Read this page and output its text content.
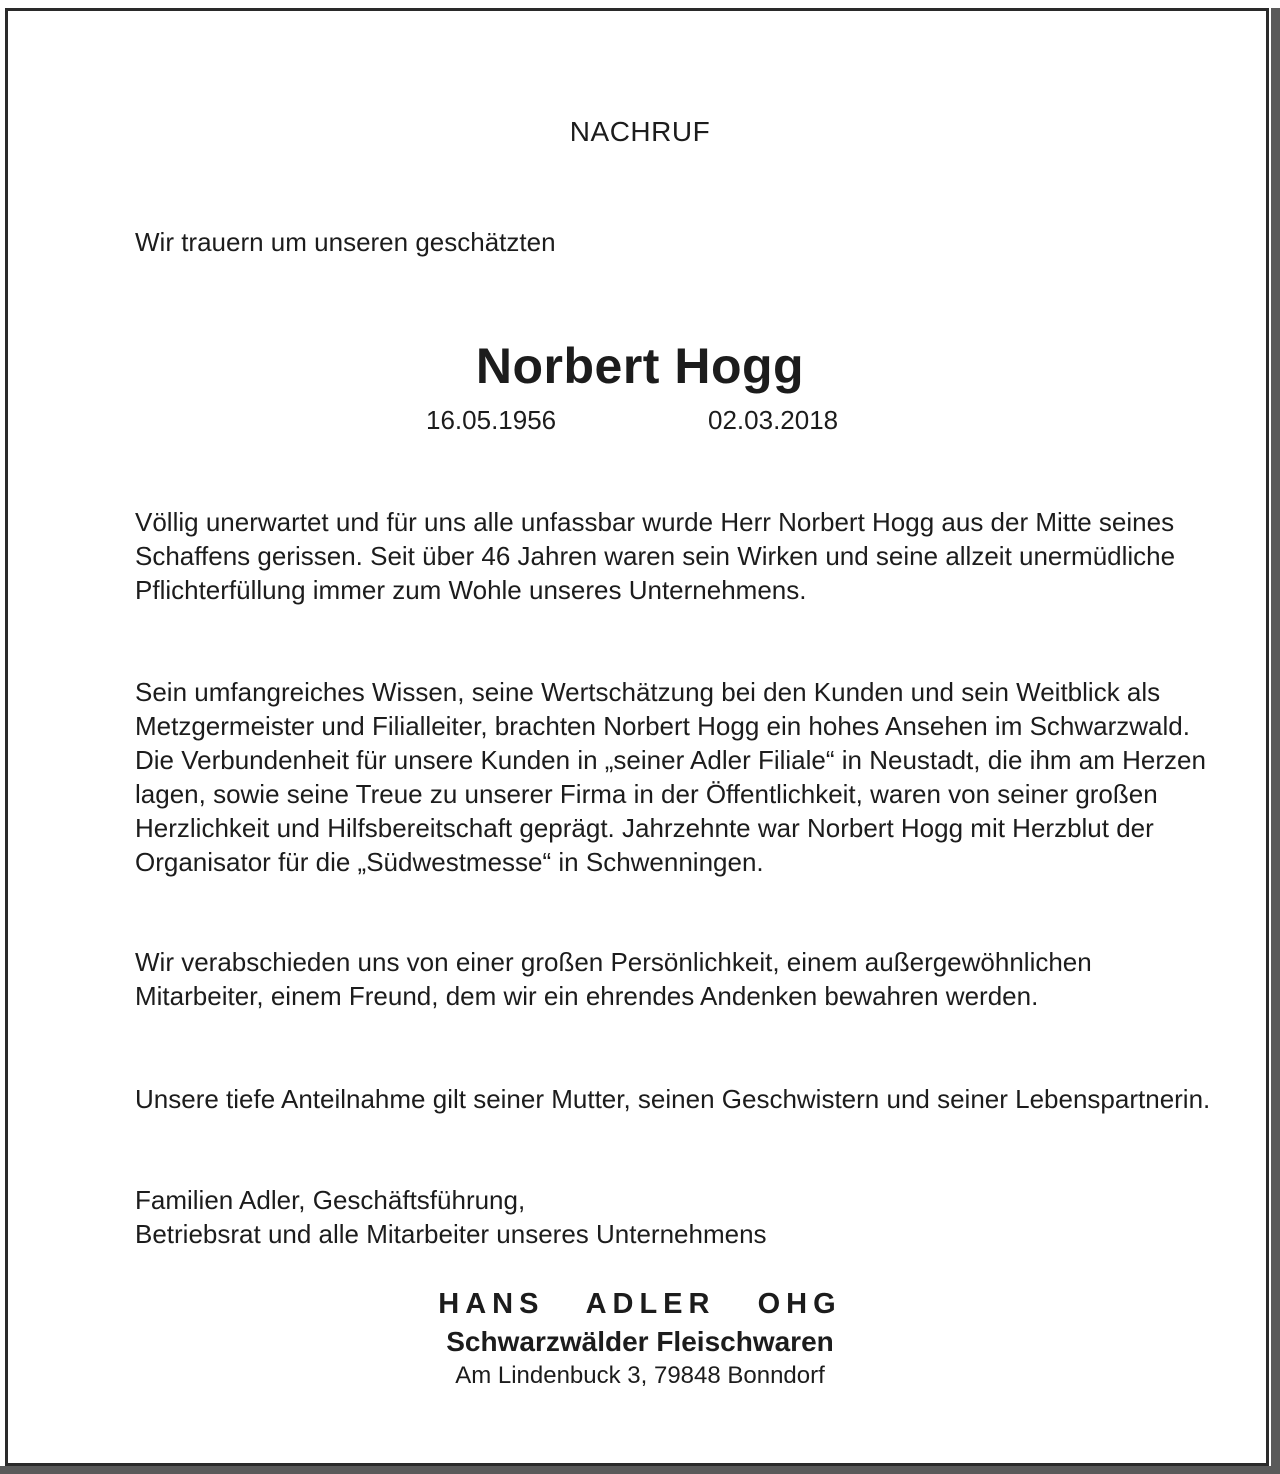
NACHRUF
Wir trauern um unseren geschätzten
Norbert Hogg
16.05.1956	02.03.2018

Völlig unerwartet und für uns alle unfassbar wurde Herr Norbert Hogg aus der Mitte seines Schaffens gerissen. Seit über 46 Jahren waren sein Wirken und seine allzeit unermüdliche Pflichterfüllung immer zum Wohle unseres Unternehmens.

Sein umfangreiches Wissen, seine Wertschätzung bei den Kunden und sein Weitblick als Metzgermeister und Filialleiter, brachten Norbert Hogg ein hohes Ansehen im Schwarzwald. Die Verbundenheit für unsere Kunden in „seiner Adler Filiale“ in Neustadt, die ihm am Herzen lagen, sowie seine Treue zu unserer Firma in der Öffentlichkeit, waren von seiner großen Herzlichkeit und Hilfsbereitschaft geprägt. Jahrzehnte war Norbert Hogg mit Herzblut der Organisator für die „Südwestmesse“ in Schwenningen.

Wir verabschieden uns von einer großen Persönlichkeit, einem außergewöhnlichen Mitarbeiter, einem Freund, dem wir ein ehrendes Andenken bewahren werden.

Unsere tiefe Anteilnahme gilt seiner Mutter, seinen Geschwistern und seiner Lebenspartnerin.

Familien Adler, Geschäftsführung,
Betriebsrat und alle Mitarbeiter unseres Unternehmens
HANS   ADLER   OHG
Schwarzwälder Fleischwaren
Am Lindenbuck 3, 79848 Bonndorf
